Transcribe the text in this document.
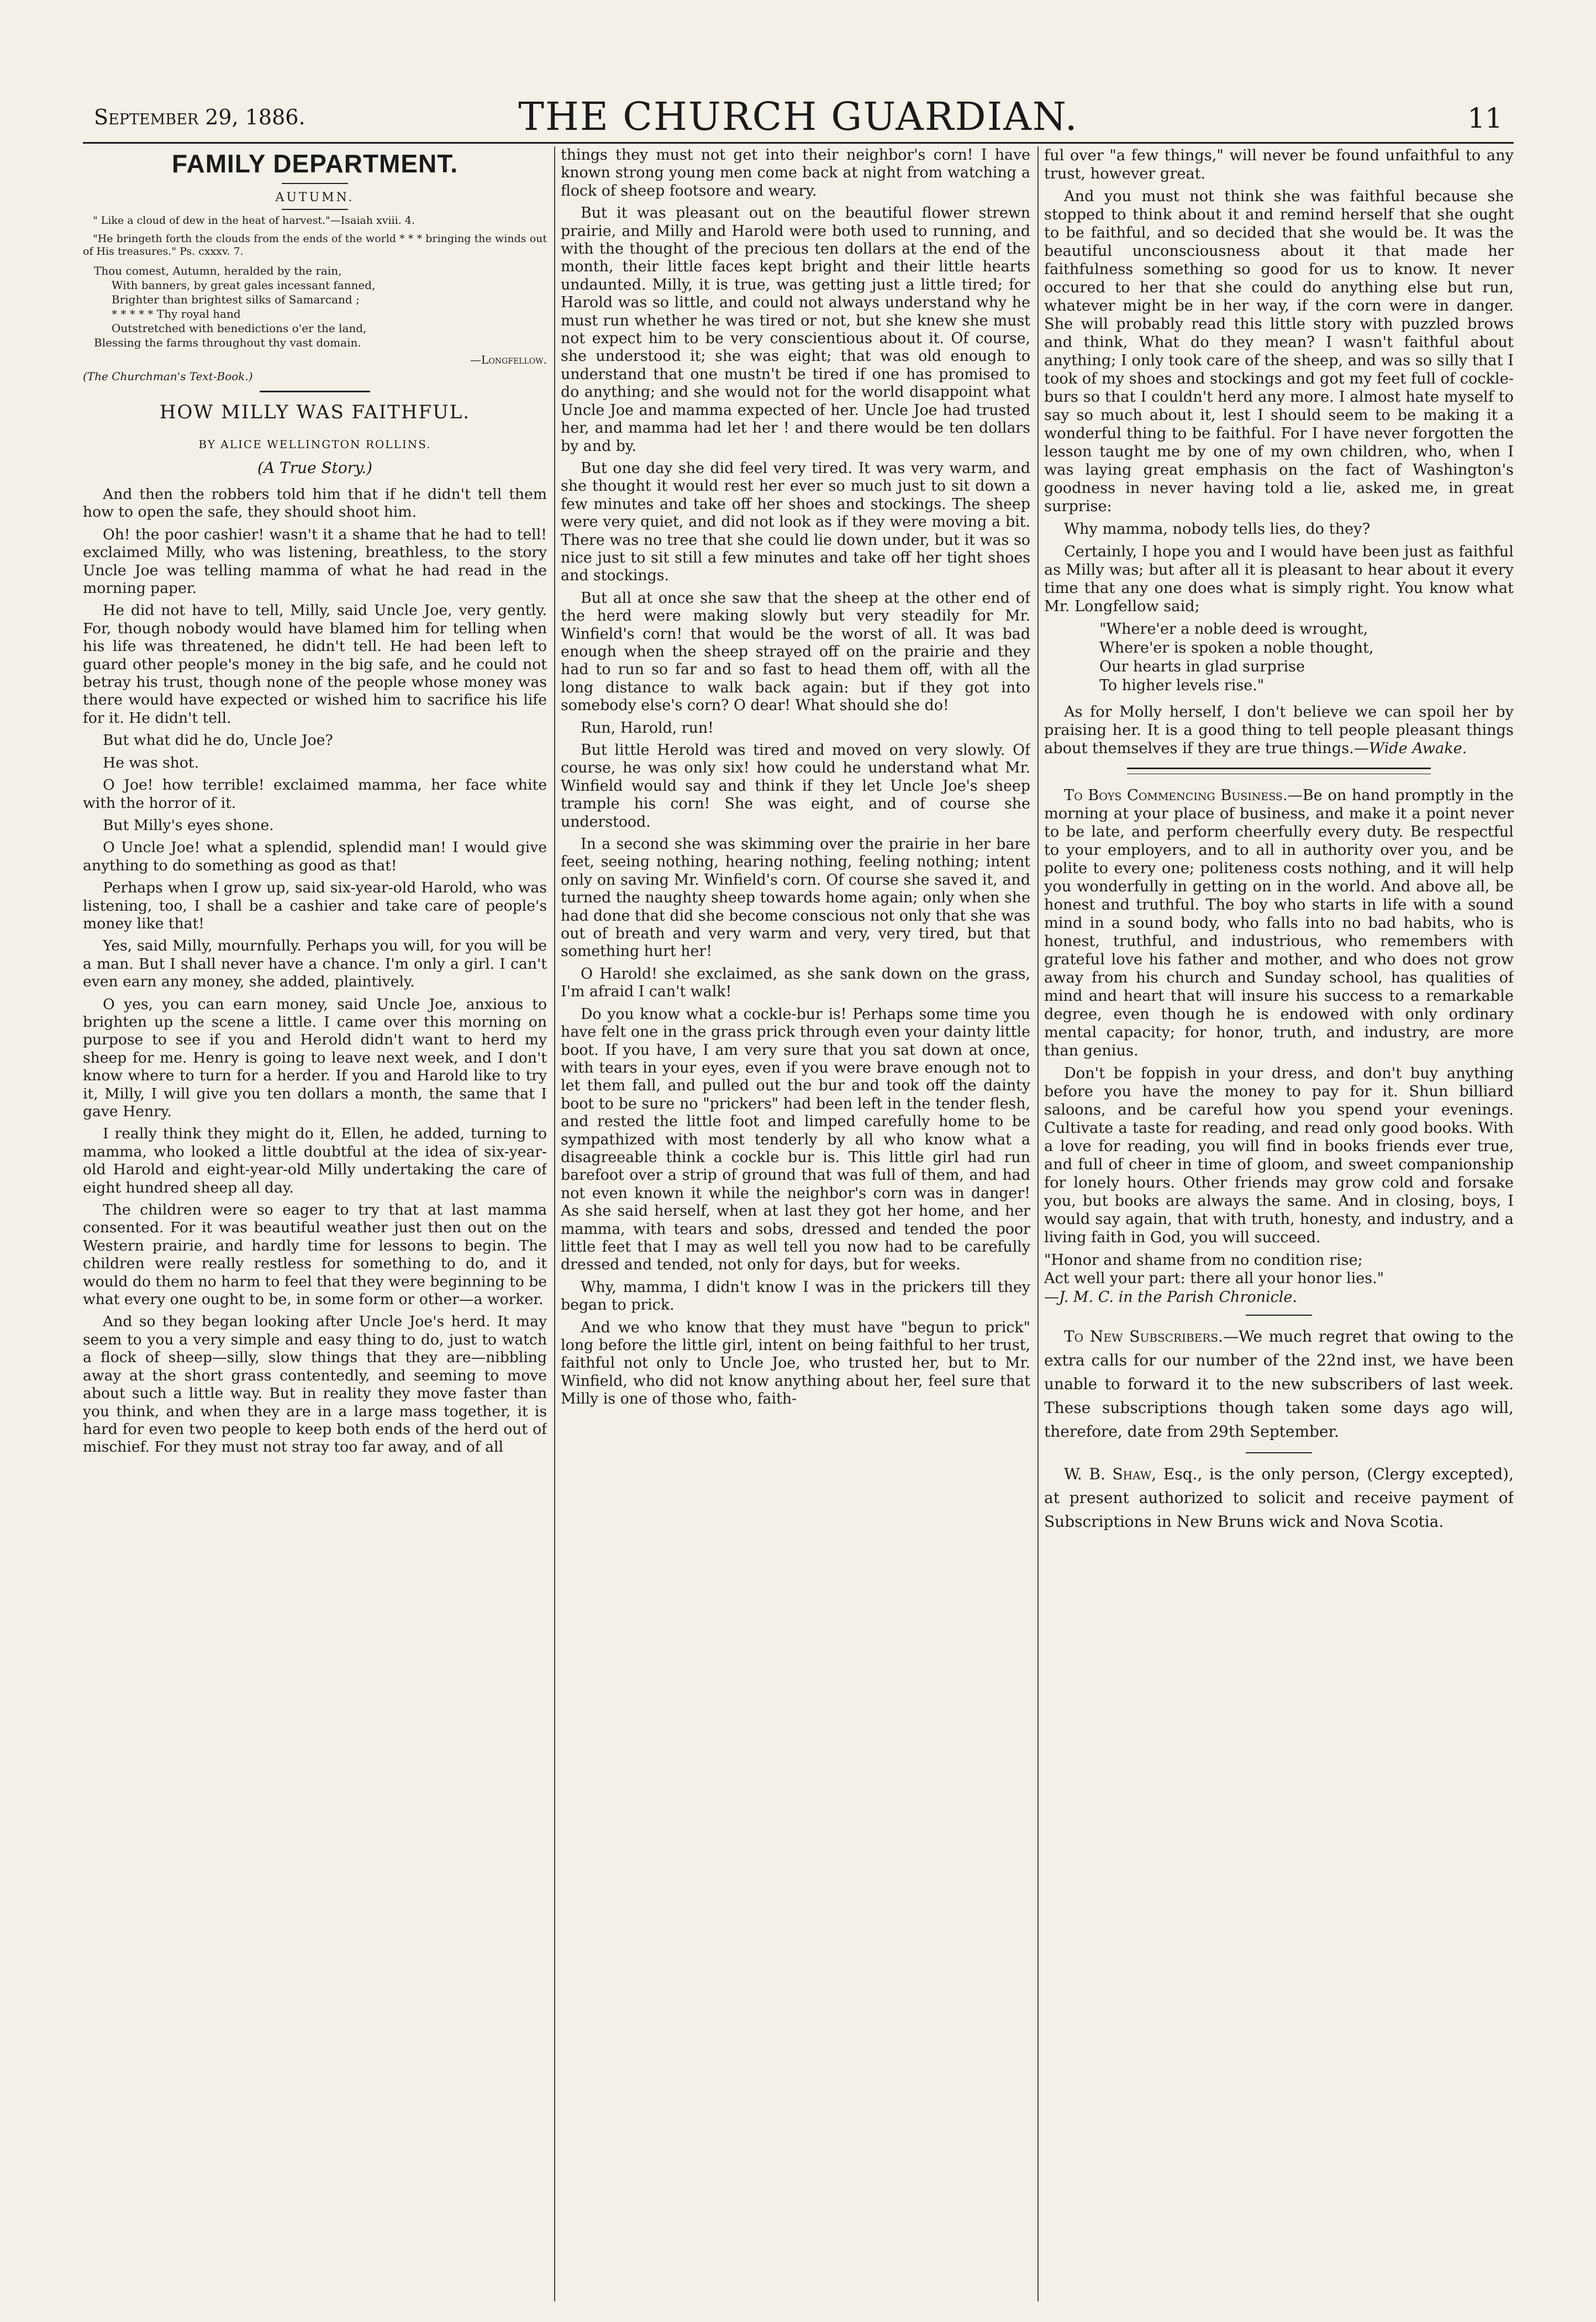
September 29, 1886.	THE CHURCH GUARDIAN.	11
FAMILY DEPARTMENT.
AUTUMN.

" Like a cloud of dew in the heat of harvest."—Isaiah xviii. 4.

"He bringeth forth the clouds from the ends of the world * * * bringing the winds out of His treasures." Ps. cxxxv. 7.

Thou comest, Autumn, heralded by the rain,
With banners, by great gales incessant fanned,
Brighter than brightest silks of Samarcand ;
* * * * * Thy royal hand
Outstretched with benedictions o'er the land,
Blessing the farms throughout thy vast domain.
—Longfellow.
(The Churchman's Text-Book.)
HOW MILLY WAS FAITHFUL.
BY ALICE WELLINGTON ROLLINS.
(A True Story.)

And then the robbers told him that if he didn't tell them how to open the safe, they should shoot him.

Oh! the poor cashier! wasn't it a shame that he had to tell! exclaimed Milly, who was listening, breathless, to the story Uncle Joe was telling mamma of what he had read in the morning paper.

He did not have to tell, Milly, said Uncle Joe, very gently. For, though nobody would have blamed him for telling when his life was threatened, he didn't tell. He had been left to guard other people's money in the big safe, and he could not betray his trust, though none of the people whose money was there would have expected or wished him to sacrifice his life for it. He didn't tell.

But what did he do, Uncle Joe?

He was shot.

O Joe! how terrible! exclaimed mamma, her face white with the horror of it.

But Milly's eyes shone.

O Uncle Joe! what a splendid, splendid man! I would give anything to do something as good as that!

Perhaps when I grow up, said six-year-old Harold, who was listening, too, I shall be a cashier and take care of people's money like that!

Yes, said Milly, mournfully. Perhaps you will, for you will be a man. But I shall never have a chance. I'm only a girl. I can't even earn any money, she added, plaintively.

O yes, you can earn money, said Uncle Joe, anxious to brighten up the scene a little. I came over this morning on purpose to see if you and Herold didn't want to herd my sheep for me. Henry is going to leave next week, and I don't know where to turn for a herder. If you and Harold like to try it, Milly, I will give you ten dollars a month, the same that I gave Henry.

I really think they might do it, Ellen, he added, turning to mamma, who looked a little doubtful at the idea of six-year-old Harold and eight-year-old Milly undertaking the care of eight hundred sheep all day.

The children were so eager to try that at last mamma consented. For it was beautiful weather just then out on the Western prairie, and hardly time for lessons to begin. The children were really restless for something to do, and it would do them no harm to feel that they were beginning to be what every one ought to be, in some form or other—a worker.

And so they began looking after Uncle Joe's herd. It may seem to you a very simple and easy thing to do, just to watch a flock of sheep—silly, slow things that they are—nibbling away at the short grass contentedly, and seeming to move about such a little way. But in reality they move faster than you think, and when they are in a large mass together, it is hard for even two people to keep both ends of the herd out of mischief. For they must not stray too far away, and of all

things they must not get into their neighbor's corn! I have known strong young men come back at night from watching a flock of sheep footsore and weary.

But it was pleasant out on the beautiful flower strewn prairie, and Milly and Harold were both used to running, and with the thought of the precious ten dollars at the end of the month, their little faces kept bright and their little hearts undaunted. Milly, it is true, was getting just a little tired; for Harold was so little, and could not always understand why he must run whether he was tired or not, but she knew she must not expect him to be very conscientious about it. Of course, she understood it; she was eight; that was old enough to understand that one mustn't be tired if one has promised to do anything; and she would not for the world disappoint what Uncle Joe and mamma expected of her. Uncle Joe had trusted her, and mamma had let her ! and there would be ten dollars by and by.

But one day she did feel very tired. It was very warm, and she thought it would rest her ever so much just to sit down a few minutes and take off her shoes and stockings. The sheep were very quiet, and did not look as if they were moving a bit. There was no tree that she could lie down under, but it was so nice just to sit still a few minutes and take off her tight shoes and stockings.

But all at once she saw that the sheep at the other end of the herd were making slowly but very steadily for Mr. Winfield's corn! that would be the worst of all. It was bad enough when the sheep strayed off on the prairie and they had to run so far and so fast to head them off, with all the long distance to walk back again: but if they got into somebody else's corn? O dear! What should she do!

Run, Harold, run!

But little Herold was tired and moved on very slowly. Of course, he was only six! how could he understand what Mr. Winfield would say and think if they let Uncle Joe's sheep trample his corn! She was eight, and of course she understood.

In a second she was skimming over the prairie in her bare feet, seeing nothing, hearing nothing, feeling nothing; intent only on saving Mr. Winfield's corn. Of course she saved it, and turned the naughty sheep towards home again; only when she had done that did she become conscious not only that she was out of breath and very warm and very, very tired, but that something hurt her!

O Harold! she exclaimed, as she sank down on the grass, I'm afraid I can't walk!

Do you know what a cockle-bur is! Perhaps some time you have felt one in the grass prick through even your dainty little boot. If you have, I am very sure that you sat down at once, with tears in your eyes, even if you were brave enough not to let them fall, and pulled out the bur and took off the dainty boot to be sure no "prickers" had been left in the tender flesh, and rested the little foot and limped carefully home to be sympathized with most tenderly by all who know what a disagreeable think a cockle bur is. This little girl had run barefoot over a strip of ground that was full of them, and had not even known it while the neighbor's corn was in danger! As she said herself, when at last they got her home, and her mamma, with tears and sobs, dressed and tended the poor little feet that I may as well tell you now had to be carefully dressed and tended, not only for days, but for weeks.

Why, mamma, I didn't know I was in the prickers till they began to prick.

And we who know that they must have "begun to prick" long before the little girl, intent on being faithful to her trust, faithful not only to Uncle Joe, who trusted her, but to Mr. Winfield, who did not know anything about her, feel sure that Milly is one of those who, faith-

ful over "a few things," will never be found unfaithful to any trust, however great.

And you must not think she was faithful because she stopped to think about it and remind herself that she ought to be faithful, and so decided that she would be. It was the beautiful unconsciousness about it that made her faithfulness something so good for us to know. It never occured to her that she could do anything else but run, whatever might be in her way, if the corn were in danger. She will probably read this little story with puzzled brows and think, What do they mean? I wasn't faithful about anything; I only took care of the sheep, and was so silly that I took of my shoes and stockings and got my feet full of cockle-burs so that I couldn't herd any more. I almost hate myself to say so much about it, lest I should seem to be making it a wonderful thing to be faithful. For I have never forgotten the lesson taught me by one of my own children, who, when I was laying great emphasis on the fact of Washington's goodness in never having told a lie, asked me, in great surprise:

Why mamma, nobody tells lies, do they?

Certainly, I hope you and I would have been just as faithful as Milly was; but after all it is pleasant to hear about it every time that any one does what is simply right. You know what Mr. Longfellow said;

"Where'er a noble deed is wrought,
Where'er is spoken a noble thought,
Our hearts in glad surprise
To higher levels rise."

As for Molly herself, I don't believe we can spoil her by praising her. It is a good thing to tell people pleasant things about themselves if they are true things.—Wide Awake.

To Boys Commencing Business.—Be on hand promptly in the morning at your place of business, and make it a point never to be late, and perform cheerfully every duty. Be respectful to your employers, and to all in authority over you, and be polite to every one; politeness costs nothing, and it will help you wonderfully in getting on in the world. And above all, be honest and truthful. The boy who starts in life with a sound mind in a sound body, who falls into no bad habits, who is honest, truthful, and industrious, who remembers with grateful love his father and mother, and who does not grow away from his church and Sunday school, has qualities of mind and heart that will insure his success to a remarkable degree, even though he is endowed with only ordinary mental capacity; for honor, truth, and industry, are more than genius.

Don't be foppish in your dress, and don't buy anything before you have the money to pay for it. Shun billiard saloons, and be careful how you spend your evenings. Cultivate a taste for reading, and read only good books. With a love for reading, you will find in books friends ever true, and full of cheer in time of gloom, and sweet companionship for lonely hours. Other friends may grow cold and forsake you, but books are always the same. And in closing, boys, I would say again, that with truth, honesty, and industry, and a living faith in God, you will succeed.

"Honor and shame from no condition rise;
Act well your part: there all your honor lies."
—J. M. C. in the Parish Chronicle.

To New Subscribers.—We much regret that owing to the extra calls for our number of the 22nd inst, we have been unable to forward it to the new subscribers of last week. These subscriptions though taken some days ago will, therefore, date from 29th September.

W. B. Shaw, Esq., is the only person, (Clergy excepted), at present authorized to solicit and receive payment of Subscriptions in New Bruns wick and Nova Scotia.
